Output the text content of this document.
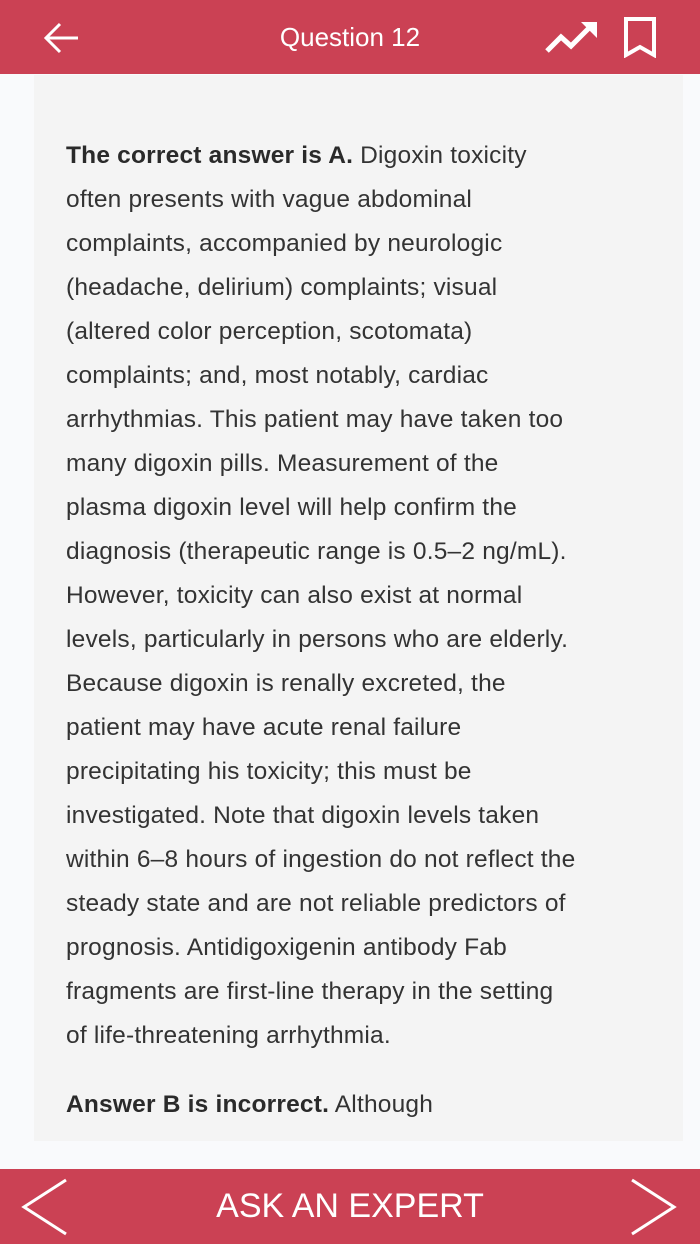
Question 12
The correct answer is A. Digoxin toxicity
often presents with vague abdominal
complaints, accompanied by neurologic
(headache, delirium) complaints; visual
(altered color perception, scotomata)
complaints; and, most notably, cardiac
arrhythmias. This patient may have taken too
many digoxin pills. Measurement of the
plasma digoxin level will help confirm the
diagnosis (therapeutic range is 0.5–2 ng/mL).
However, toxicity can also exist at normal
levels, particularly in persons who are elderly.
Because digoxin is renally excreted, the
patient may have acute renal failure
precipitating his toxicity; this must be
investigated. Note that digoxin levels taken
within 6–8 hours of ingestion do not reflect the
steady state and are not reliable predictors of
prognosis. Antidigoxigenin antibody Fab
fragments are first-line therapy in the setting
of life-threatening arrhythmia.
Answer B is incorrect. Although
ASK AN EXPERT
